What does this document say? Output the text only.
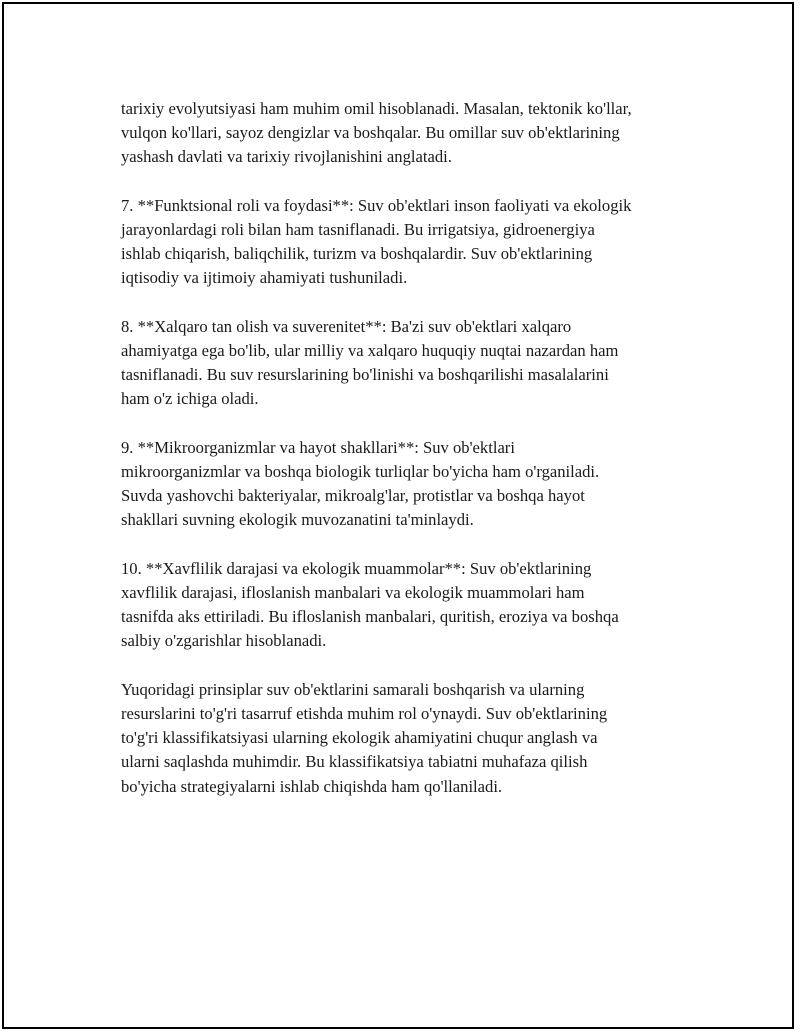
tarixiy evolyutsiyasi ham muhim omil hisoblanadi. Masalan, tektonik ko'llar,
vulqon ko'llari, sayoz dengizlar va boshqalar. Bu omillar suv ob'ektlarining
yashash davlati va tarixiy rivojlanishini anglatadi.

7. **Funktsional roli va foydasi**: Suv ob'ektlari inson faoliyati va ekologik
jarayonlardagi roli bilan ham tasniflanadi. Bu irrigatsiya, gidroenergiya
ishlab chiqarish, baliqchilik, turizm va boshqalardir. Suv ob'ektlarining
iqtisodiy va ijtimoiy ahamiyati tushuniladi.

8. **Xalqaro tan olish va suverenitet**: Ba'zi suv ob'ektlari xalqaro
ahamiyatga ega bo'lib, ular milliy va xalqaro huquqiy nuqtai nazardan ham
tasniflanadi. Bu suv resurslarining bo'linishi va boshqarilishi masalalarini
ham o'z ichiga oladi.

9. **Mikroorganizmlar va hayot shakllari**: Suv ob'ektlari
mikroorganizmlar va boshqa biologik turliqlar bo'yicha ham o'rganiladi.
Suvda yashovchi bakteriyalar, mikroalg'lar, protistlar va boshqa hayot
shakllari suvning ekologik muvozanatini ta'minlaydi.

10. **Xavflilik darajasi va ekologik muammolar**: Suv ob'ektlarining
xavflilik darajasi, ifloslanish manbalari va ekologik muammolari ham
tasnifda aks ettiriladi. Bu ifloslanish manbalari, quritish, eroziya va boshqa
salbiy o'zgarishlar hisoblanadi.

Yuqoridagi prinsiplar suv ob'ektlarini samarali boshqarish va ularning
resurslarini to'g'ri tasarruf etishda muhim rol o'ynaydi. Suv ob'ektlarining
to'g'ri klassifikatsiyasi ularning ekologik ahamiyatini chuqur anglash va
ularni saqlashda muhimdir. Bu klassifikatsiya tabiatni muhafaza qilish
bo'yicha strategiyalarni ishlab chiqishda ham qo'llaniladi.
